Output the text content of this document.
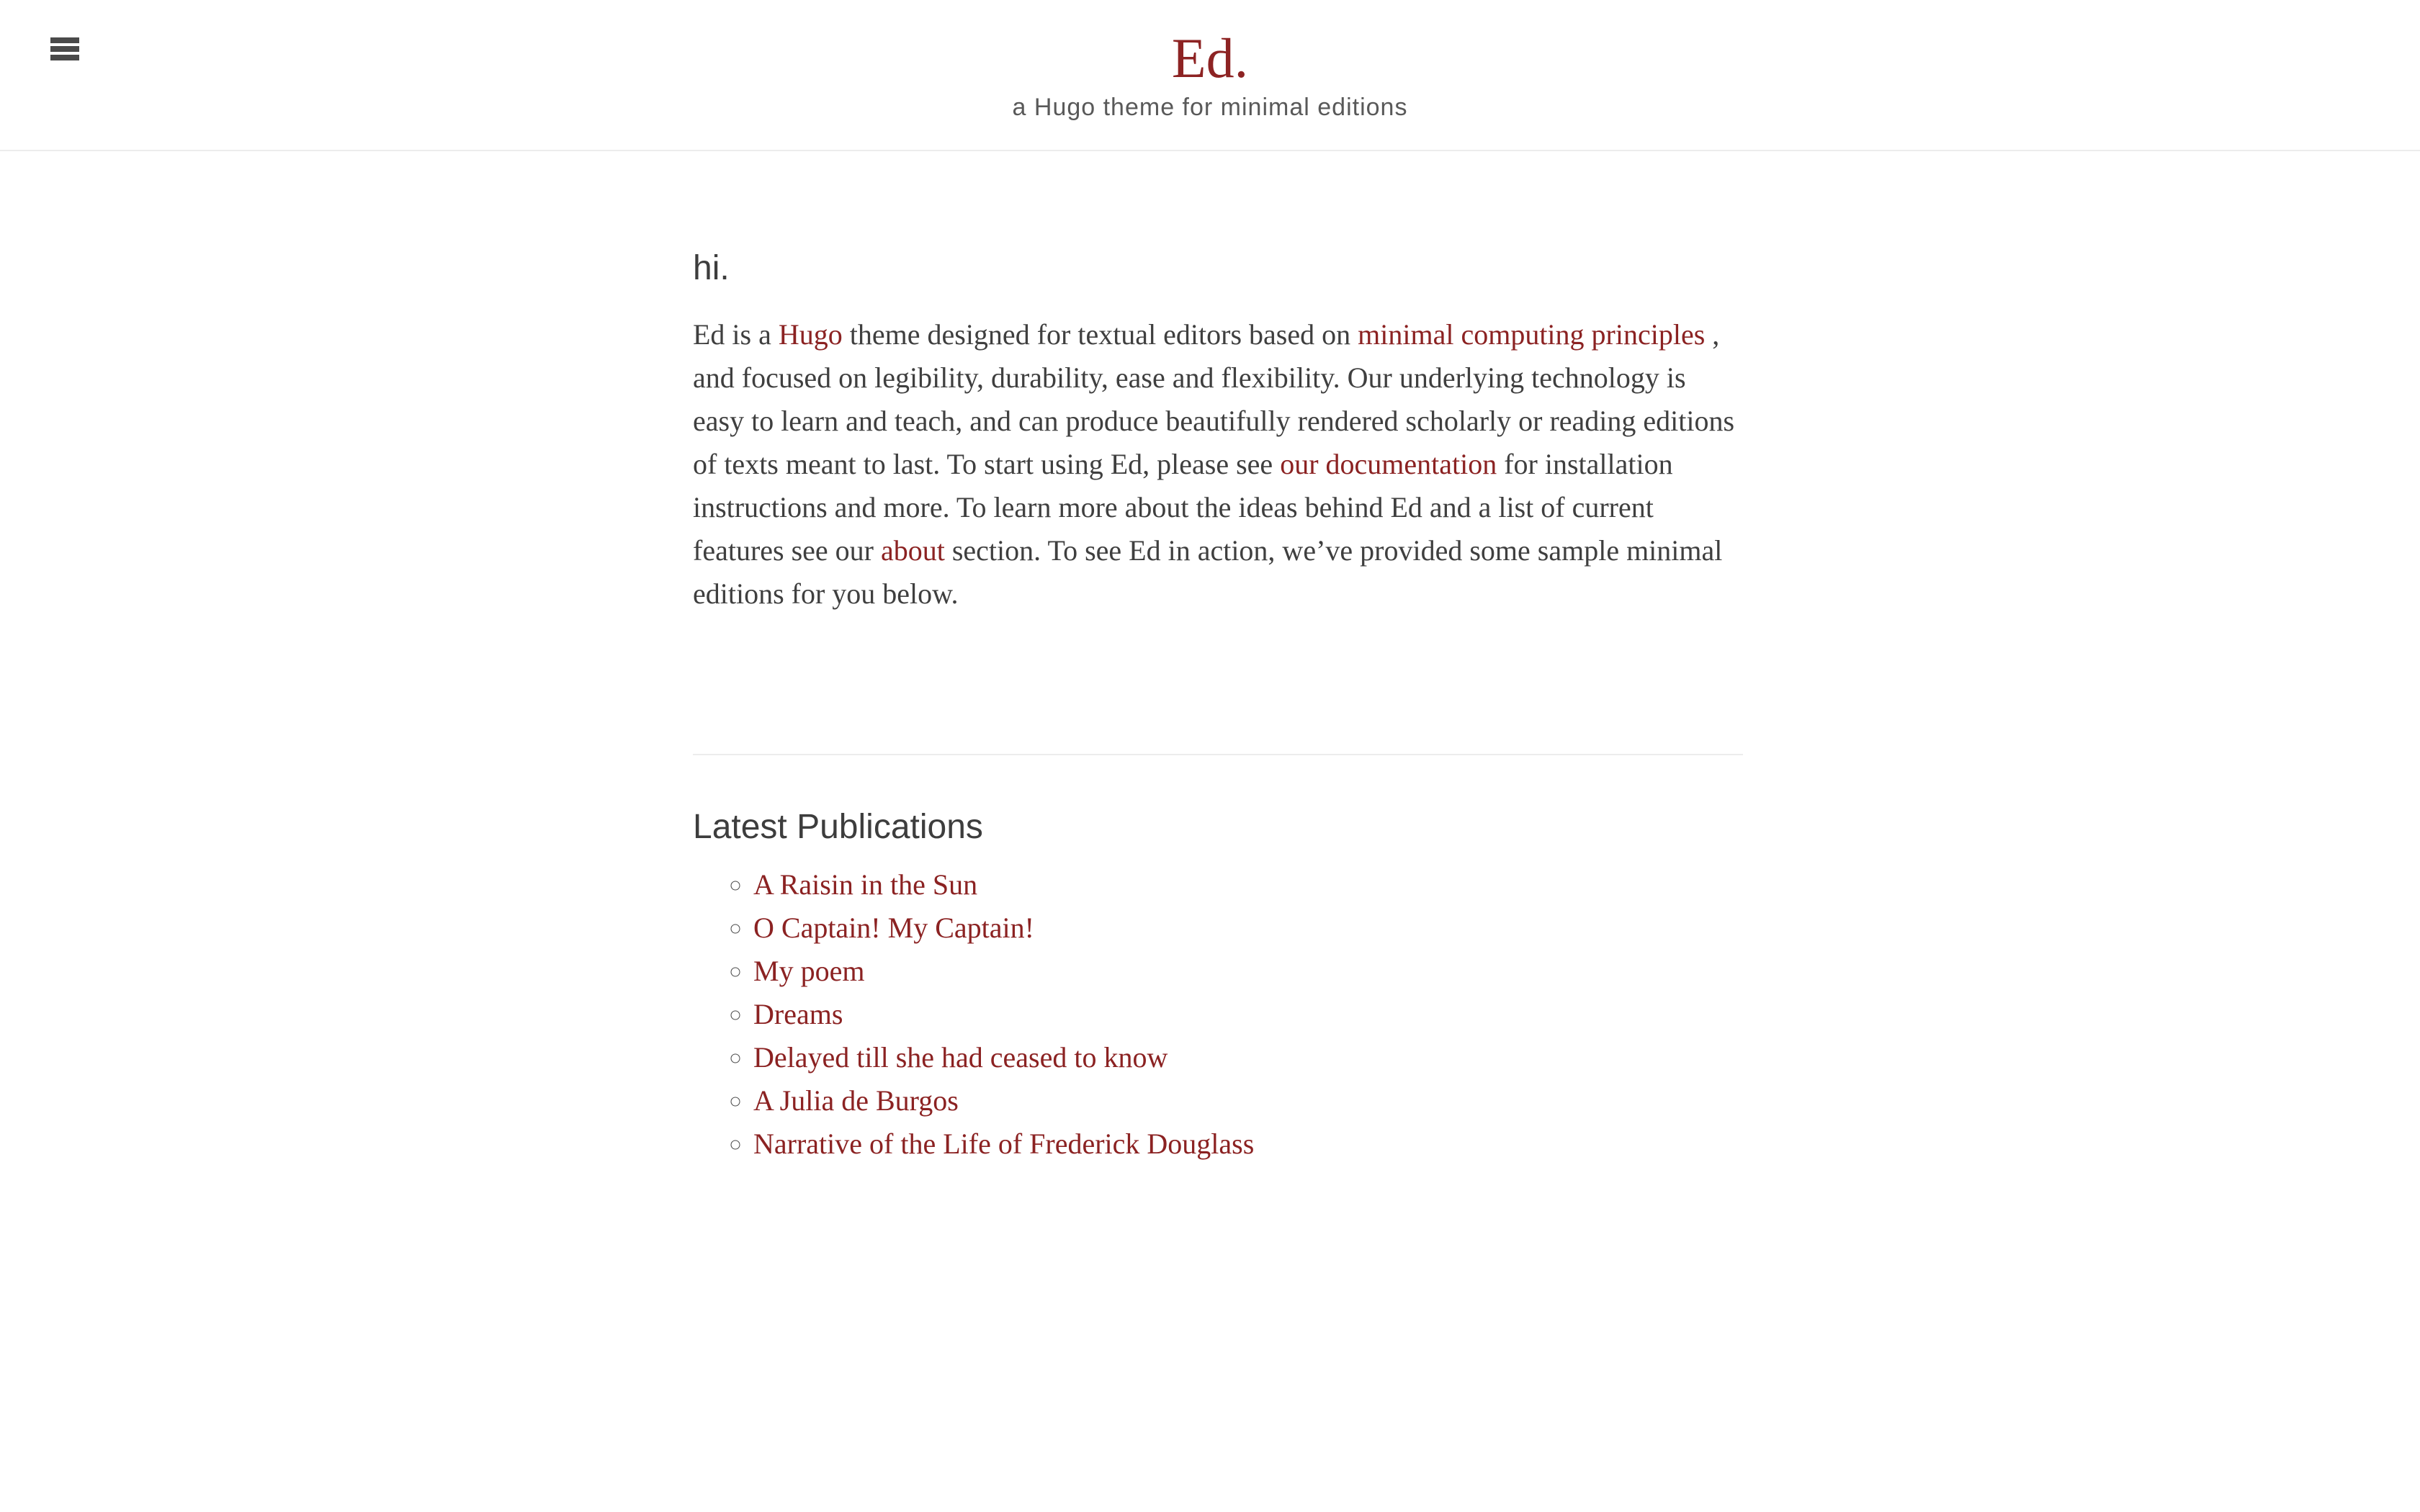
Ed.
a Hugo theme for minimal editions
hi.

Ed is a Hugo theme designed for textual editors based on minimal computing principles , and focused on legibility, durability, ease and flexibility. Our underlying technology is easy to learn and teach, and can produce beautifully rendered scholarly or reading editions of texts meant to last. To start using Ed, please see our documentation for installation instructions and more. To learn more about the ideas behind Ed and a list of current features see our about section. To see Ed in action, we’ve provided some sample minimal editions for you below.

Latest Publications
◦ A Raisin in the Sun
◦ O Captain! My Captain!
◦ My poem
◦ Dreams
◦ Delayed till she had ceased to know
◦ A Julia de Burgos
◦ Narrative of the Life of Frederick Douglass
